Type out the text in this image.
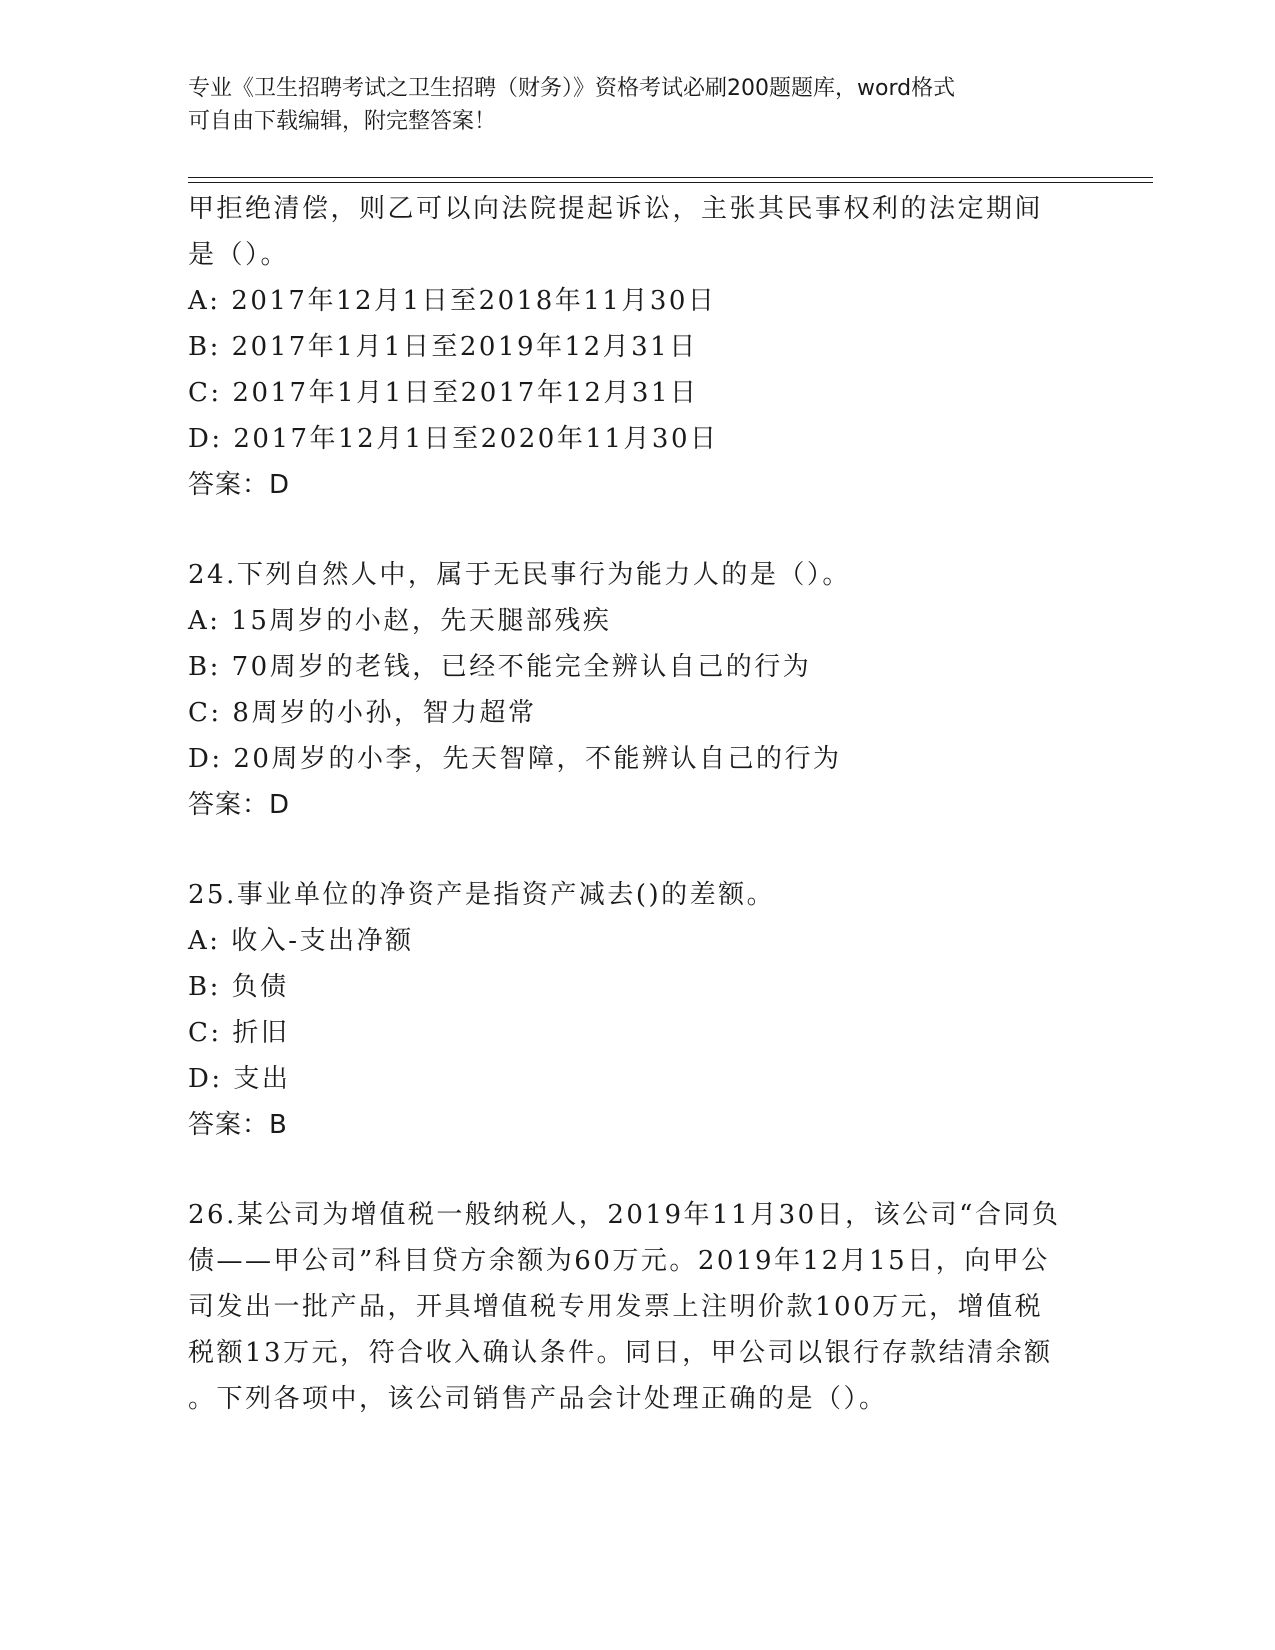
专业《卫生招聘考试之卫生招聘（财务）》资格考试必刷200题题库，word格式
可自由下载编辑，附完整答案！
甲拒绝清偿，则乙可以向法院提起诉讼，主张其民事权利的法定期间
是（）。
A: 2017年12月1日至2018年11月30日
B: 2017年1月1日至2019年12月31日
C: 2017年1月1日至2017年12月31日
D: 2017年12月1日至2020年11月30日
答案：D
24.下列自然人中，属于无民事行为能力人的是（）。
A: 15周岁的小赵，先天腿部残疾
B: 70周岁的老钱，已经不能完全辨认自己的行为
C: 8周岁的小孙，智力超常
D: 20周岁的小李，先天智障，不能辨认自己的行为
答案：D
25.事业单位的净资产是指资产减去()的差额。
A: 收入-支出净额
B: 负债
C: 折旧
D: 支出
答案：B
26.某公司为增值税一般纳税人，2019年11月30日，该公司“合同负
债——甲公司”科目贷方余额为60万元。2019年12月15日，向甲公
司发出一批产品，开具增值税专用发票上注明价款100万元，增值税
税额13万元，符合收入确认条件。同日，甲公司以银行存款结清余额
。下列各项中，该公司销售产品会计处理正确的是（）。
